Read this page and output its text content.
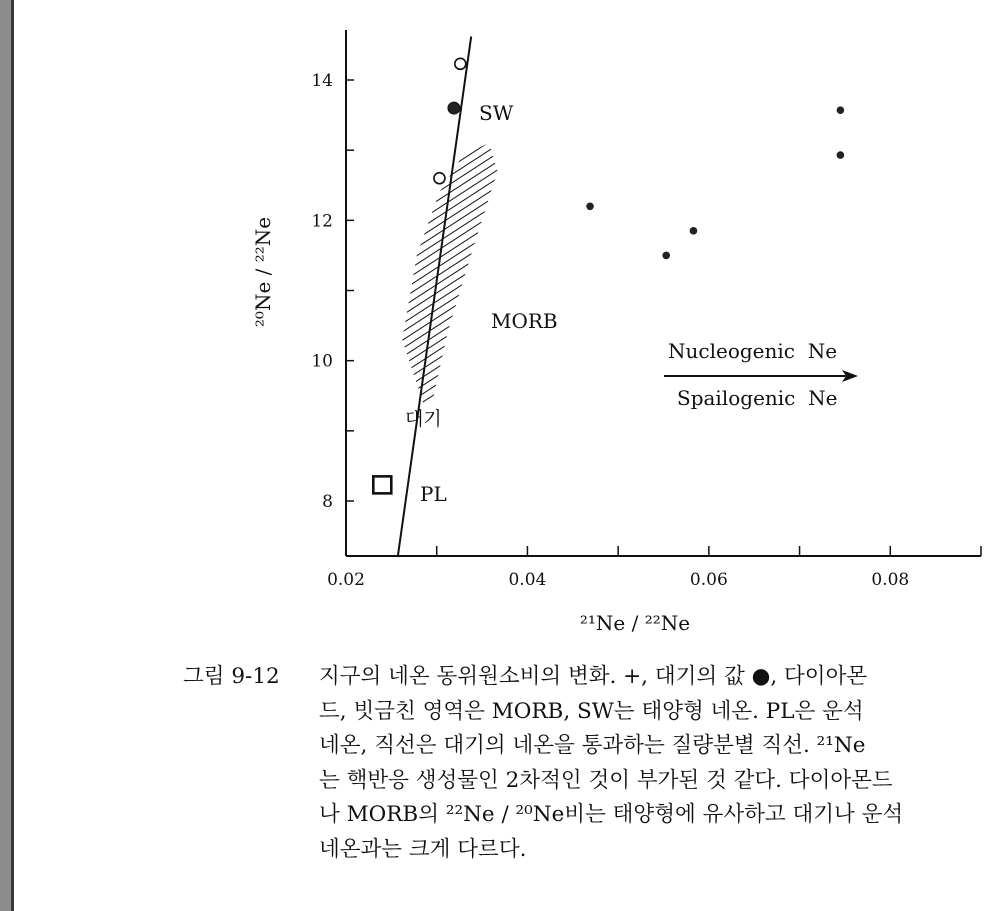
8
10
12
14
0.02	0.04	0.06	0.08
²¹Ne / ²²Ne
²⁰Ne / ²²Ne
SW
MORB
대기
PL
Nucleogenic  Ne
Spailogenic  Ne
그림 9-12 지구의 네온 동위원소비의 변화. +, 대기의 값 ●, 다이아몬
드, 빗금친 영역은 MORB, SW는 태양형 네온. PL은 운석
네온, 직선은 대기의 네온을 통과하는 질량분별 직선. ²¹Ne
는 핵반응 생성물인 2차적인 것이 부가된 것 같다. 다이아몬드
나 MORB의 ²²Ne / ²⁰Ne비는 태양형에 유사하고 대기나 운석
네온과는 크게 다르다.
